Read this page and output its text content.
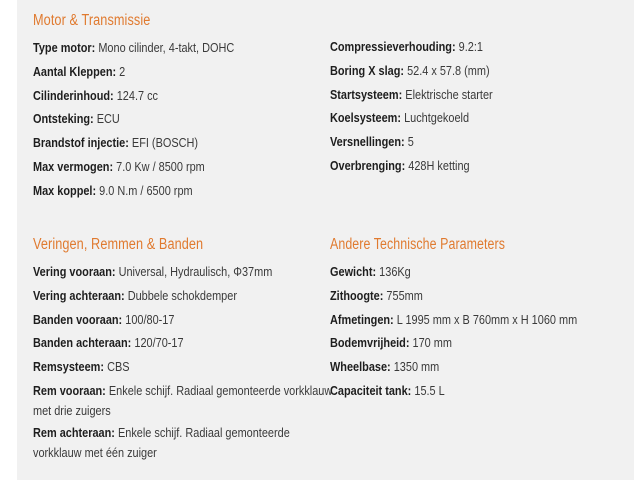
Motor & Transmissie
Type motor: Mono cilinder, 4-takt, DOHC
Aantal Kleppen: 2
Cilinderinhoud: 124.7 cc
Ontsteking: ECU
Brandstof injectie: EFI (BOSCH)
Max vermogen: 7.0 Kw / 8500 rpm
Max koppel: 9.0 N.m / 6500 rpm
Compressieverhouding: 9.2:1
Boring X slag: 52.4 x 57.8 (mm)
Startsysteem: Elektrische starter
Koelsysteem: Luchtgekoeld
Versnellingen: 5
Overbrenging: 428H ketting
Veringen, Remmen & Banden
Vering vooraan: Universal, Hydraulisch, Φ37mm
Vering achteraan: Dubbele schokdemper
Banden vooraan: 100/80-17
Banden achteraan: 120/70-17
Remsysteem: CBS
Rem vooraan: Enkele schijf. Radiaal gemonteerde vorkklauw
met drie zuigers
Rem achteraan: Enkele schijf. Radiaal gemonteerde
vorkklauw met één zuiger
Andere Technische Parameters
Gewicht: 136Kg
Zithoogte: 755mm
Afmetingen: L 1995 mm x B 760mm x H 1060 mm
Bodemvrijheid: 170 mm
Wheelbase: 1350 mm
Capaciteit tank: 15.5 L
